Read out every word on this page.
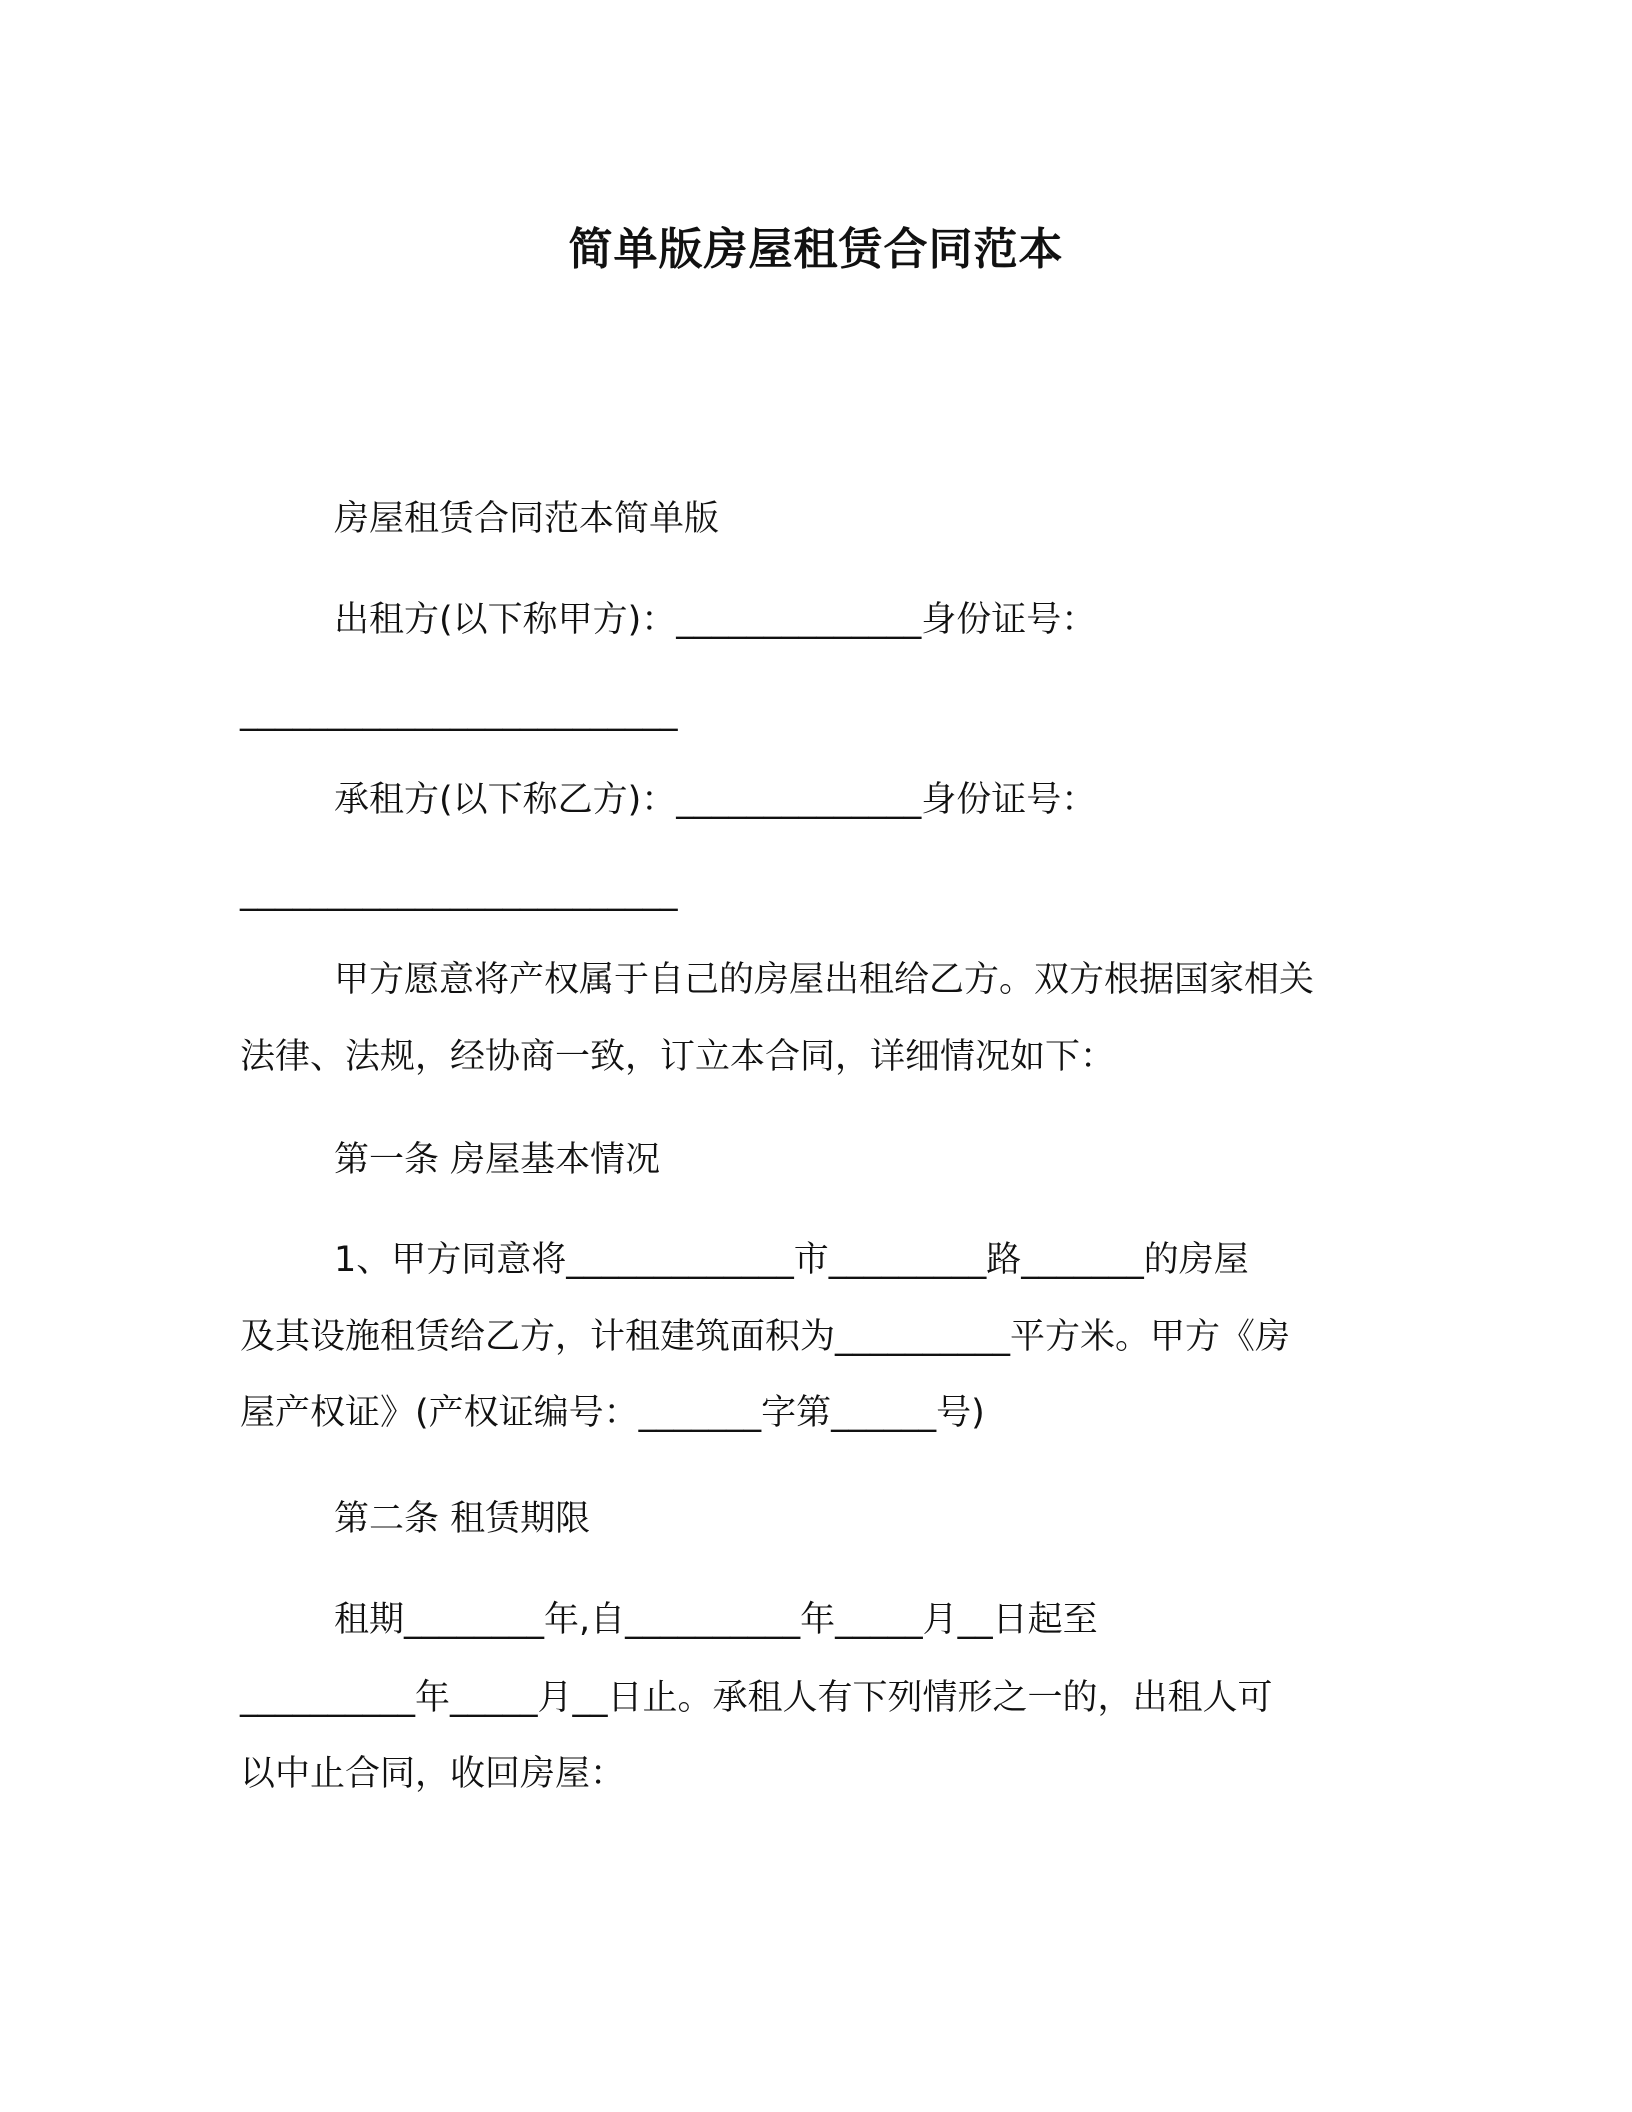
简单版房屋租赁合同范本
房屋租赁合同范本简单版
出租方(以下称甲方)：______________身份证号：
_________________________
承租方(以下称乙方)：______________身份证号：
_________________________
甲方愿意将产权属于自己的房屋出租给乙方。双方根据国家相关
法律、法规，经协商一致，订立本合同，详细情况如下：
第一条 房屋基本情况
1、甲方同意将_____________市_________路_______的房屋
及其设施租赁给乙方，计租建筑面积为__________平方米。甲方《房
屋产权证》(产权证编号：_______字第______号)
第二条 租赁期限
租期________年,自__________年_____月__日起至
__________年_____月__日止。承租人有下列情形之一的，出租人可
以中止合同，收回房屋：
